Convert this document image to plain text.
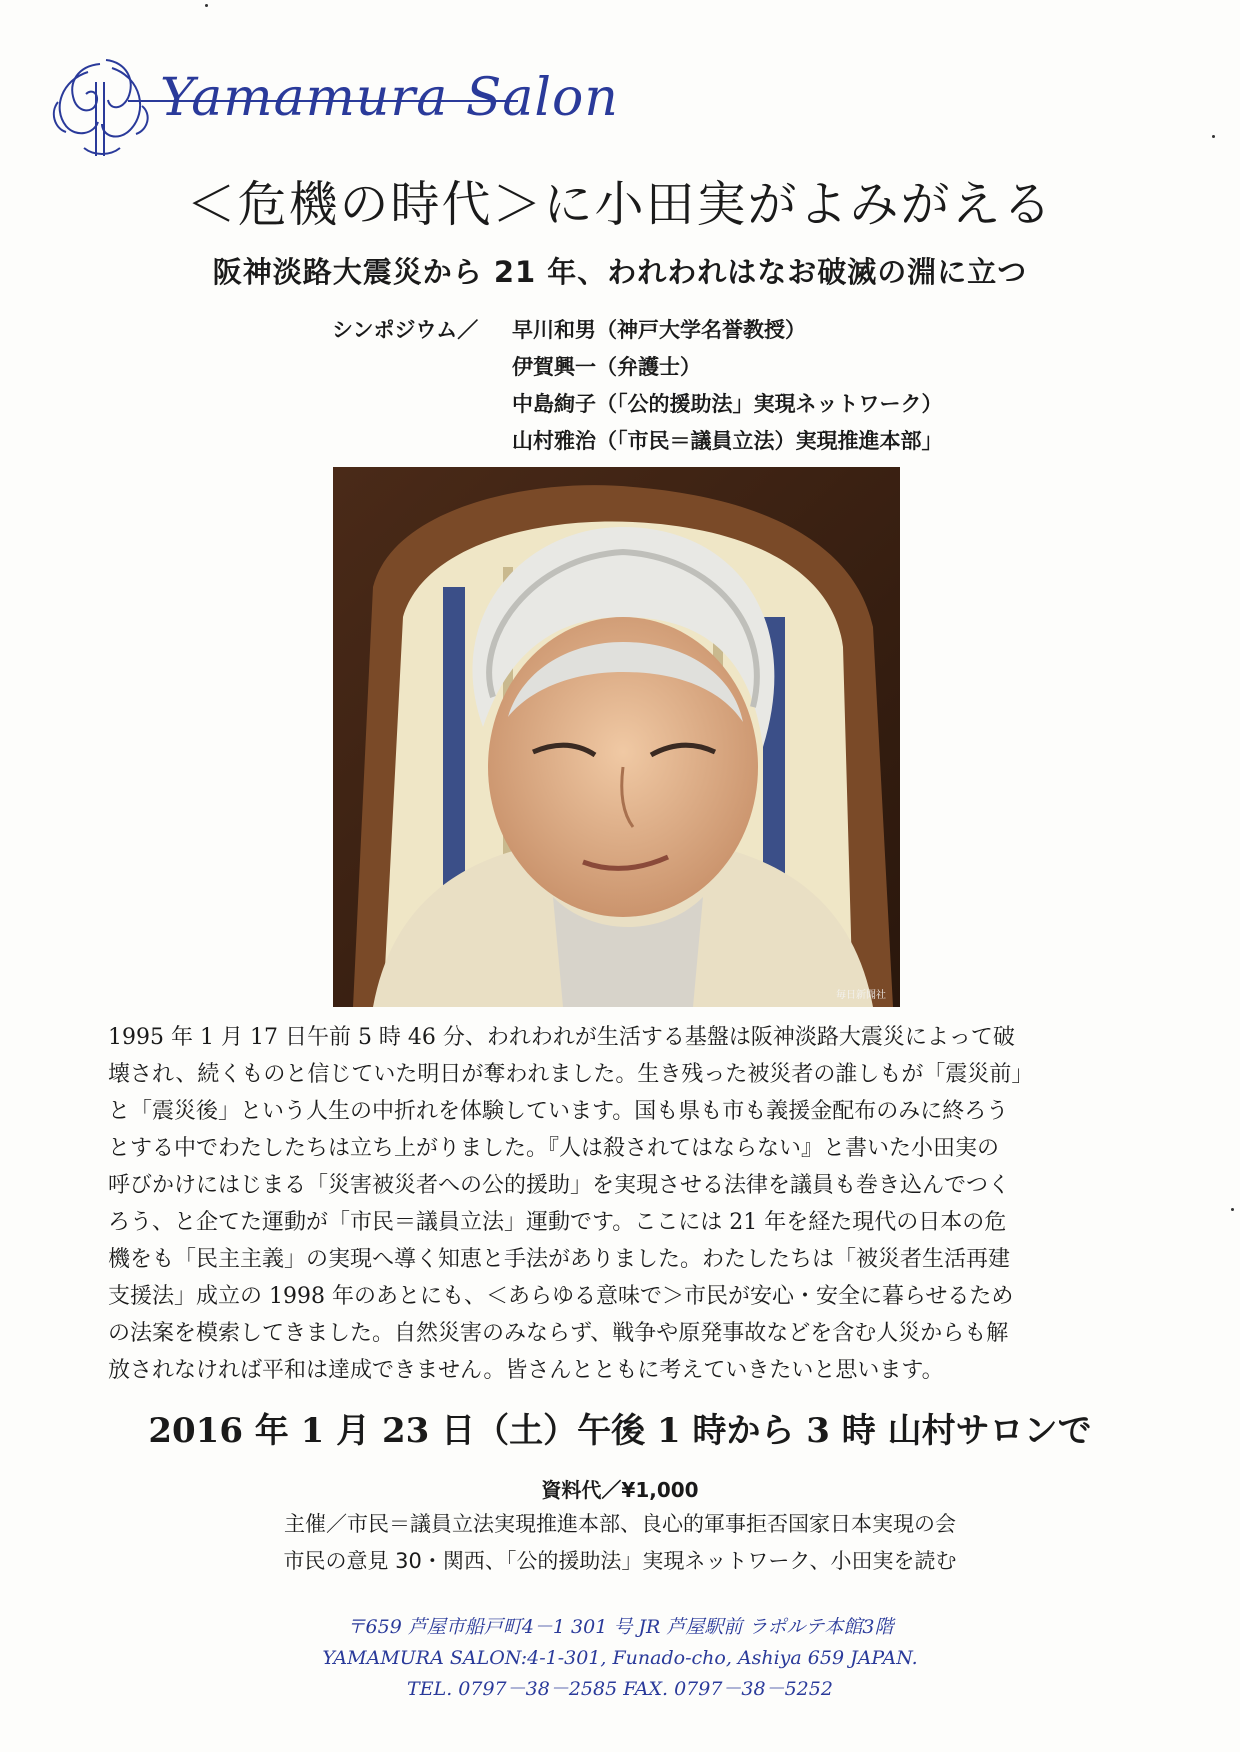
Yamamura Salon
＜危機の時代＞に小田実がよみがえる
阪神淡路大震災から 21 年、われわれはなお破滅の淵に立つ
シンポジウム／ 早川和男（神戸大学名誉教授）
伊賀興一（弁護士）
中島絢子（「公的援助法」実現ネットワーク）
山村雅治（「市民＝議員立法）実現推進本部」
毎日新聞社
1995 年 1 月 17 日午前 5 時 46 分、われわれが生活する基盤は阪神淡路大震災によって破
壊され、続くものと信じていた明日が奪われました。生き残った被災者の誰しもが「震災前」
と「震災後」という人生の中折れを体験しています。国も県も市も義援金配布のみに終ろう
とする中でわたしたちは立ち上がりました。『人は殺されてはならない』と書いた小田実の
呼びかけにはじまる「災害被災者への公的援助」を実現させる法律を議員も巻き込んでつく
ろう、と企てた運動が「市民＝議員立法」運動です。ここには 21 年を経た現代の日本の危
機をも「民主主義」の実現へ導く知恵と手法がありました。わたしたちは「被災者生活再建
支援法」成立の 1998 年のあとにも、＜あらゆる意味で＞市民が安心・安全に暮らせるため
の法案を模索してきました。自然災害のみならず、戦争や原発事故などを含む人災からも解
放されなければ平和は達成できません。皆さんとともに考えていきたいと思います。
2016 年 1 月 23 日（土）午後 1 時から 3 時 山村サロンで
資料代／¥1,000
主催／市民＝議員立法実現推進本部、良心的軍事拒否国家日本実現の会
市民の意見 30・関西、「公的援助法」実現ネットワーク、小田実を読む
〒659 芦屋市船戸町4－1 301 号 JR 芦屋駅前 ラポルテ本館3階
YAMAMURA SALON:4-1-301, Funado-cho, Ashiya 659 JAPAN.
TEL. 0797－38－2585 FAX. 0797－38－5252
